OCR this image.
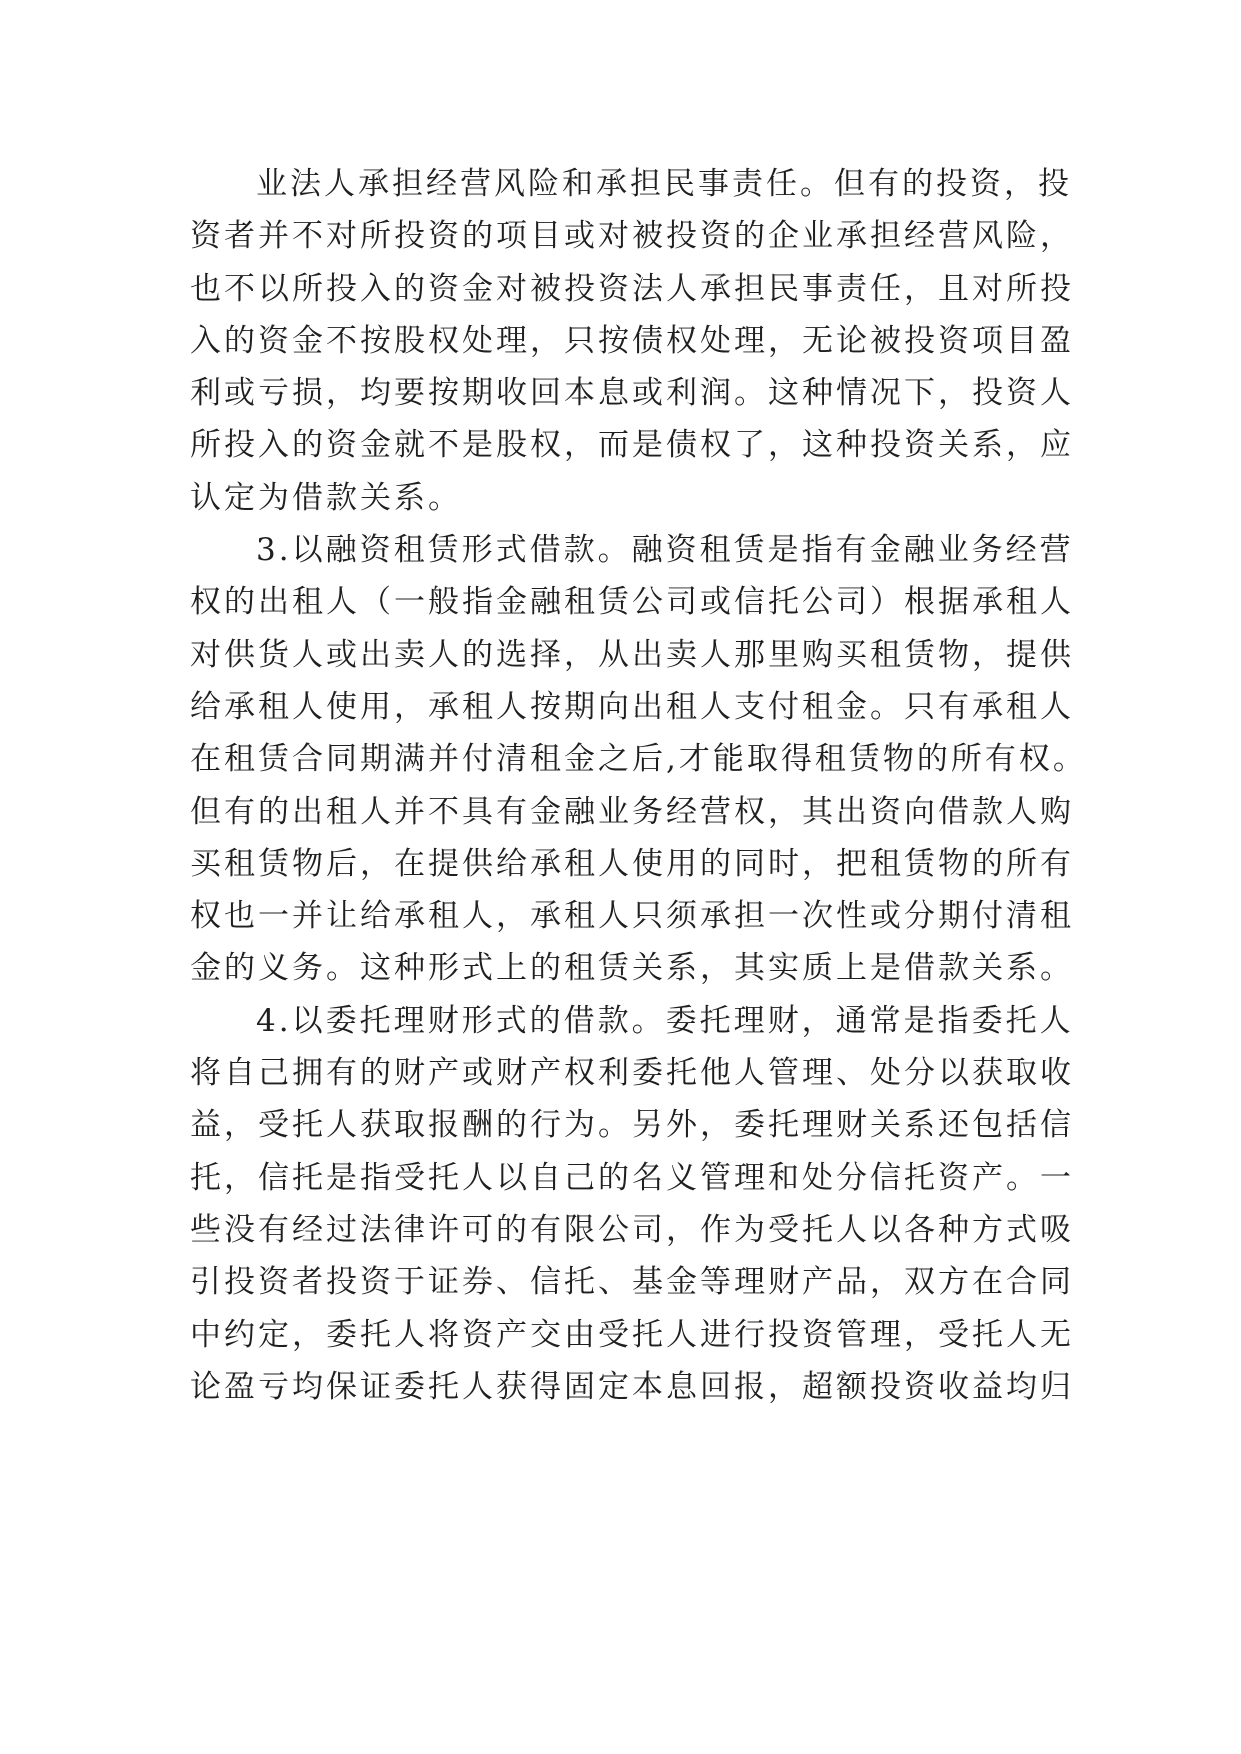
业法人承担经营风险和承担民事责任。但有的投资，投
资者并不对所投资的项目或对被投资的企业承担经营风险，
也不以所投入的资金对被投资法人承担民事责任，且对所投
入的资金不按股权处理，只按债权处理，无论被投资项目盈
利或亏损，均要按期收回本息或利润。这种情况下，投资人
所投入的资金就不是股权，而是债权了，这种投资关系，应
认定为借款关系。
3.以融资租赁形式借款。融资租赁是指有金融业务经营
权的出租人（一般指金融租赁公司或信托公司）根据承租人
对供货人或出卖人的选择，从出卖人那里购买租赁物，提供
给承租人使用，承租人按期向出租人支付租金。只有承租人
在租赁合同期满并付清租金之后,才能取得租赁物的所有权。
但有的出租人并不具有金融业务经营权，其出资向借款人购
买租赁物后，在提供给承租人使用的同时，把租赁物的所有
权也一并让给承租人，承租人只须承担一次性或分期付清租
金的义务。这种形式上的租赁关系，其实质上是借款关系。
4.以委托理财形式的借款。委托理财，通常是指委托人
将自己拥有的财产或财产权利委托他人管理、处分以获取收
益，受托人获取报酬的行为。另外，委托理财关系还包括信
托，信托是指受托人以自己的名义管理和处分信托资产。一
些没有经过法律许可的有限公司，作为受托人以各种方式吸
引投资者投资于证券、信托、基金等理财产品，双方在合同
中约定，委托人将资产交由受托人进行投资管理，受托人无
论盈亏均保证委托人获得固定本息回报，超额投资收益均归
